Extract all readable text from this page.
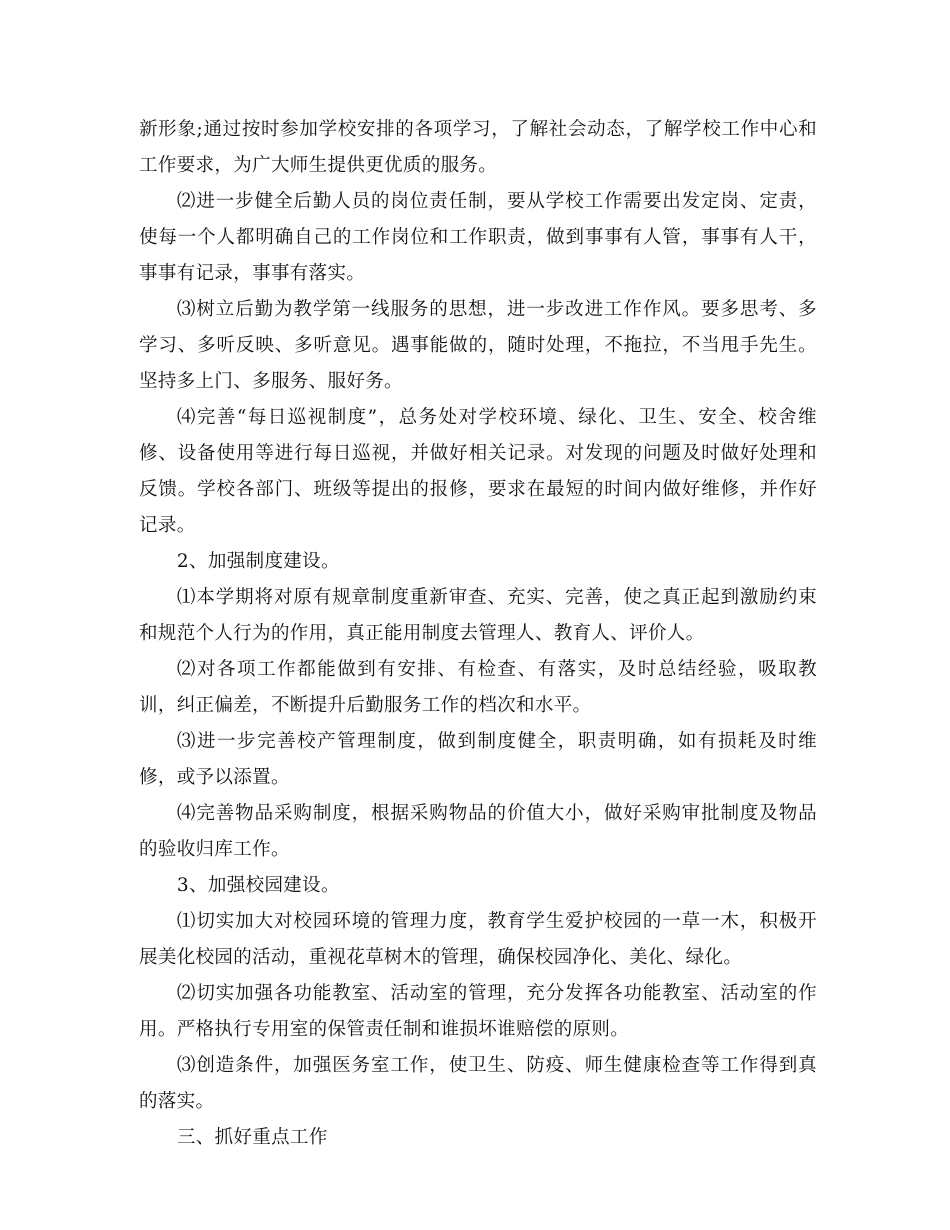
新形象;通过按时参加学校安排的各项学习，了解社会动态，了解学校工作中心和工作要求，为广大师生提供更优质的服务。

⑵进一步健全后勤人员的岗位责任制，要从学校工作需要出发定岗、定责，使每一个人都明确自己的工作岗位和工作职责，做到事事有人管，事事有人干，事事有记录，事事有落实。

⑶树立后勤为教学第一线服务的思想，进一步改进工作作风。要多思考、多学习、多听反映、多听意见。遇事能做的，随时处理，不拖拉，不当甩手先生。坚持多上门、多服务、服好务。

⑷完善“每日巡视制度”，总务处对学校环境、绿化、卫生、安全、校舍维修、设备使用等进行每日巡视，并做好相关记录。对发现的问题及时做好处理和反馈。学校各部门、班级等提出的报修，要求在最短的时间内做好维修，并作好记录。

2、加强制度建设。

⑴本学期将对原有规章制度重新审查、充实、完善，使之真正起到激励约束和规范个人行为的作用，真正能用制度去管理人、教育人、评价人。

⑵对各项工作都能做到有安排、有检查、有落实，及时总结经验，吸取教训，纠正偏差，不断提升后勤服务工作的档次和水平。

⑶进一步完善校产管理制度，做到制度健全，职责明确，如有损耗及时维修，或予以添置。

⑷完善物品采购制度，根据采购物品的价值大小，做好采购审批制度及物品的验收归库工作。

3、加强校园建设。

⑴切实加大对校园环境的管理力度，教育学生爱护校园的一草一木，积极开展美化校园的活动，重视花草树木的管理，确保校园净化、美化、绿化。

⑵切实加强各功能教室、活动室的管理，充分发挥各功能教室、活动室的作用。严格执行专用室的保管责任制和谁损坏谁赔偿的原则。

⑶创造条件，加强医务室工作，使卫生、防疫、师生健康检查等工作得到真的落实。

三、抓好重点工作
